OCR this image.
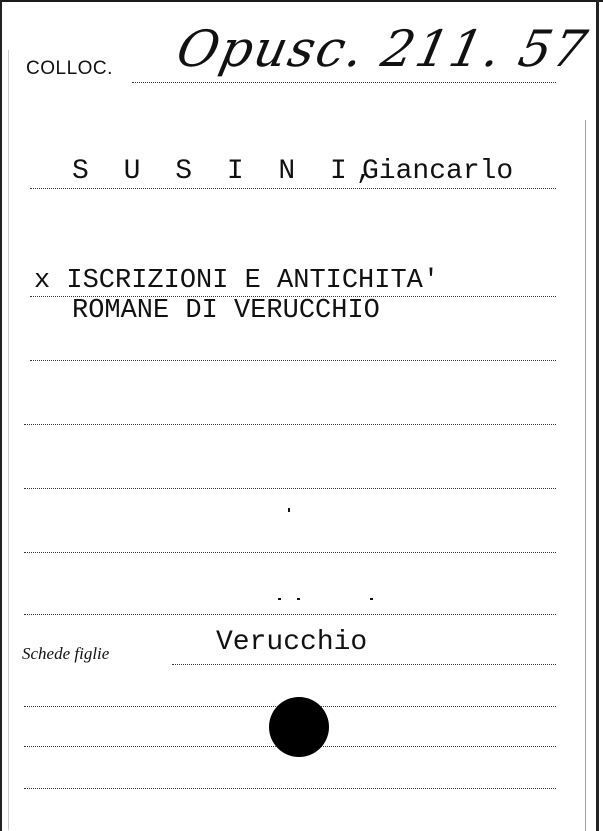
COLLOC. Opusc. 211. 57
S U S I N I,
Giancarlo
x ISCRIZIONI E ANTICHITA'
ROMANE DI VERUCCHIO
Schede figlie	Verucchio
